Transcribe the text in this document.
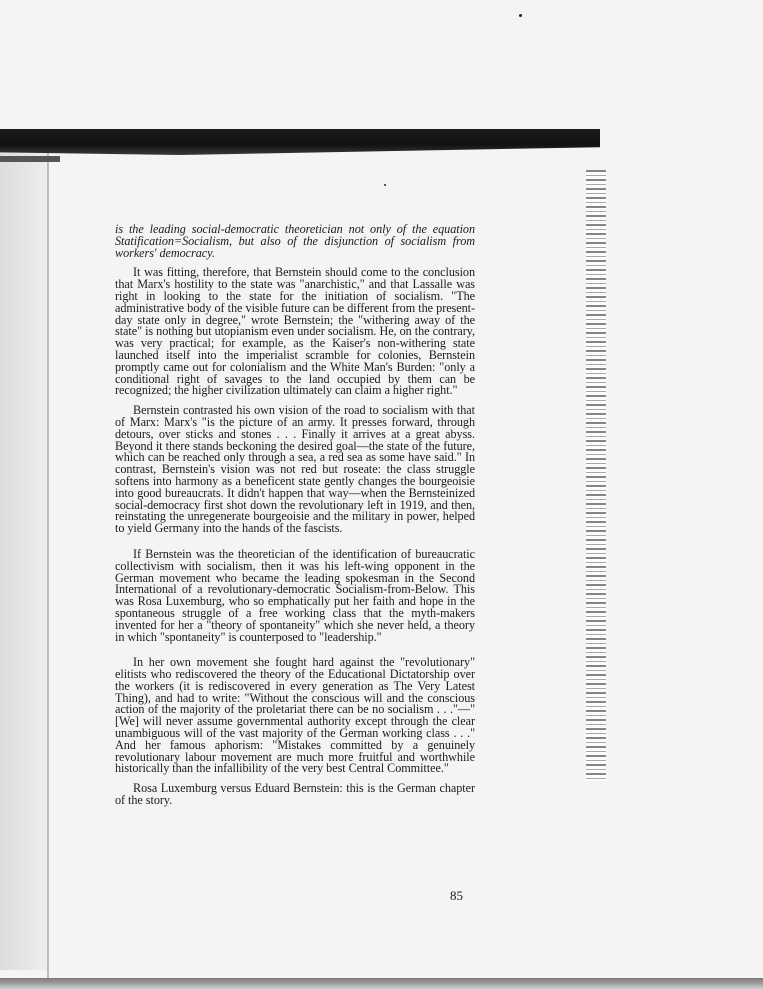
is the leading social-democratic theoretician not only of the equation Statification=Socialism, but also of the disjunction of socialism from workers' democracy.

It was fitting, therefore, that Bernstein should come to the conclusion that Marx's hostility to the state was "anarchistic," and that Lassalle was right in looking to the state for the initiation of socialism. "The administrative body of the visible future can be different from the present-day state only in degree," wrote Bernstein; the "withering away of the state" is nothing but utopianism even under socialism. He, on the contrary, was very practical; for example, as the Kaiser's non-withering state launched itself into the imperialist scramble for colonies, Bernstein promptly came out for colonialism and the White Man's Burden: "only a conditional right of savages to the land occupied by them can be recognized; the higher civilization ultimately can claim a higher right."

Bernstein contrasted his own vision of the road to socialism with that of Marx: Marx's "is the picture of an army. It presses forward, through detours, over sticks and stones . . . Finally it arrives at a great abyss. Beyond it there stands beckoning the desired goal—the state of the future, which can be reached only through a sea, a red sea as some have said." In contrast, Bernstein's vision was not red but roseate: the class struggle softens into harmony as a beneficent state gently changes the bourgeoisie into good bureaucrats. It didn't happen that way—when the Bernsteinized social-democracy first shot down the revolutionary left in 1919, and then, reinstating the unregenerate bourgeoisie and the military in power, helped to yield Germany into the hands of the fascists.

If Bernstein was the theoretician of the identification of bureaucratic collectivism with socialism, then it was his left-wing opponent in the German movement who became the leading spokesman in the Second International of a revolutionary-democratic Socialism-from-Below. This was Rosa Luxemburg, who so emphatically put her faith and hope in the spontaneous struggle of a free working class that the myth-makers invented for her a "theory of spontaneity" which she never held, a theory in which "spontaneity" is counterposed to "leadership."

In her own movement she fought hard against the "revolutionary" elitists who rediscovered the theory of the Educational Dictatorship over the workers (it is rediscovered in every generation as The Very Latest Thing), and had to write: "Without the conscious will and the conscious action of the majority of the proletariat there can be no socialism . . ."—"[We] will never assume governmental authority except through the clear unambiguous will of the vast majority of the German working class . . ." And her famous aphorism: "Mistakes committed by a genuinely revolutionary labour movement are much more fruitful and worthwhile historically than the infallibility of the very best Central Committee."

Rosa Luxemburg versus Eduard Bernstein: this is the German chapter of the story.

85
